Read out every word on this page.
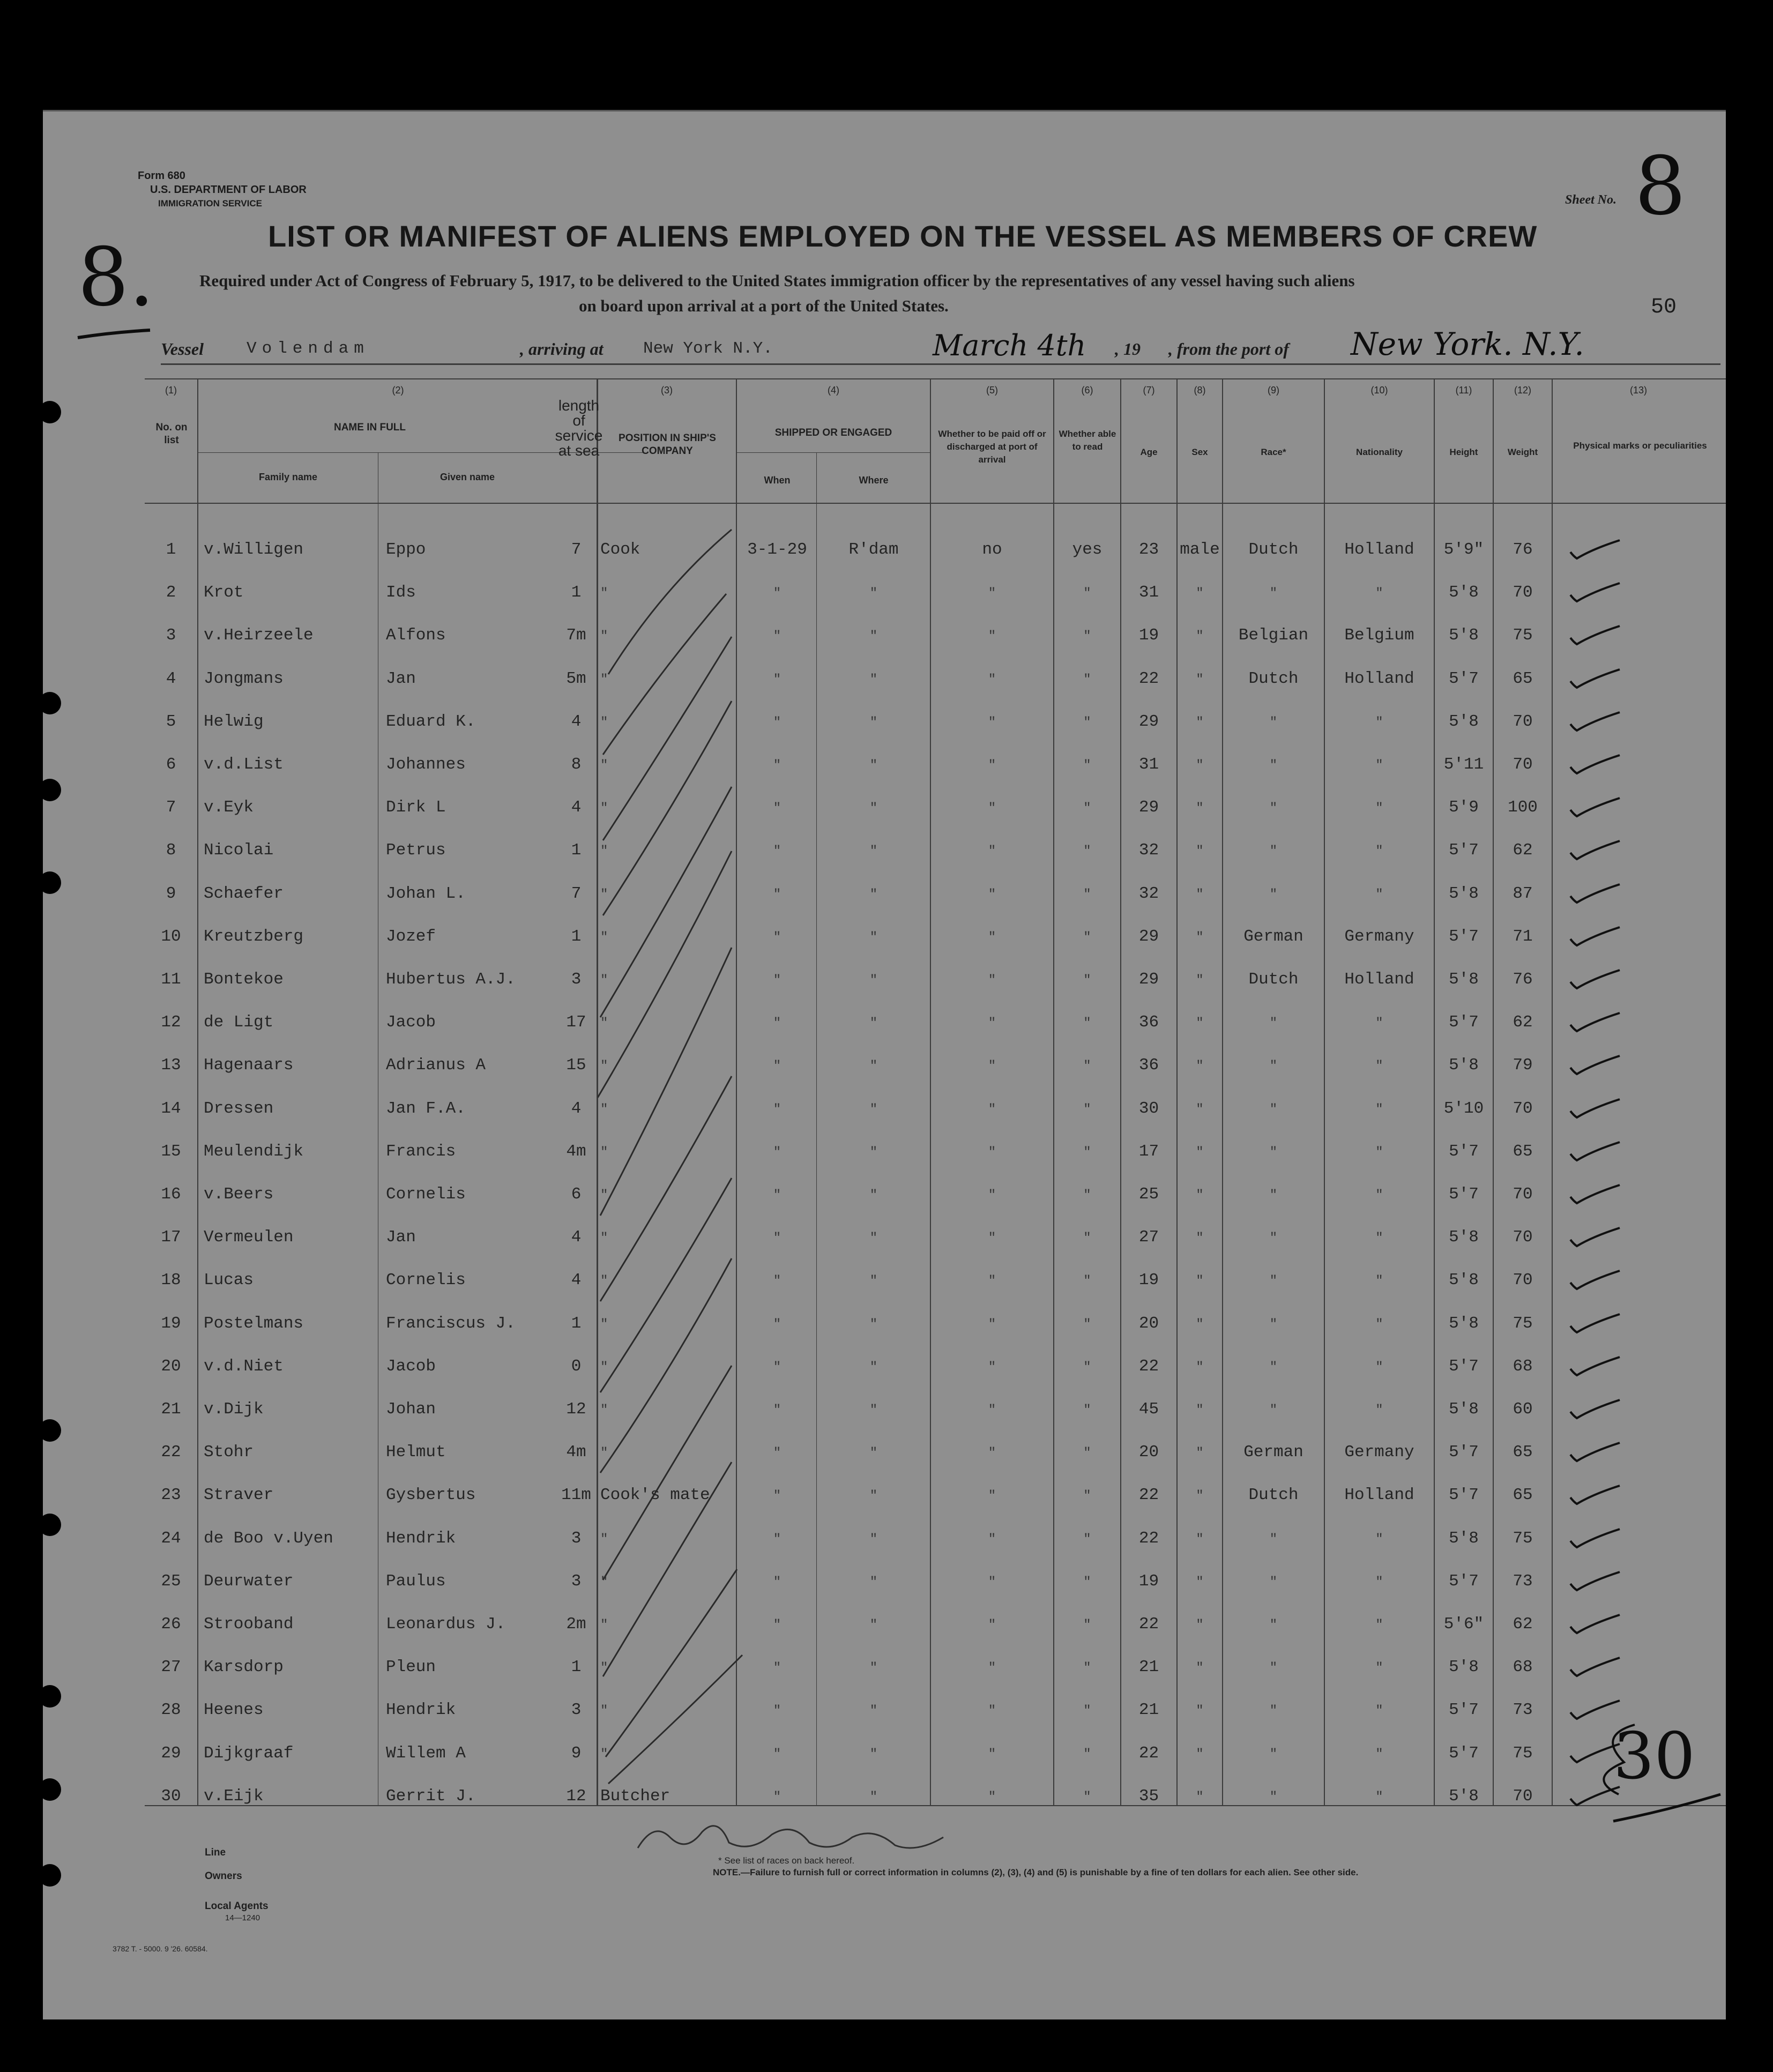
Form 680
U.S. DEPARTMENT OF LABOR
IMMIGRATION SERVICE
8.
Sheet No. 8
LIST OR MANIFEST OF ALIENS EMPLOYED ON THE VESSEL AS MEMBERS OF CREW
Required under Act of Congress of February 5, 1917, to be delivered to the United States immigration officer by the representatives of any vessel having such aliens
on board upon arrival at a port of the United States.	50
Vessel	Volendam	, arriving at New York N.Y.	March 4th , 19 , from the port of New York. N.Y.
(1)	(2)	(3)	(4)	(5)	(6)	(7)	(8)	(9)	(10)	(11)	(12)	(13)
No. on list
NAME IN FULL
Family name	Given name
length of service at sea
POSITION IN SHIP'S COMPANY
SHIPPED OR ENGAGED
When	Where
Whether to be paid off or discharged at port of arrival
Whether able to read
Age	Sex	Race*	Nationality	Height	Weight
Physical marks or peculiarities
1	v.Willigen	Eppo	7	Cook	3-1-29	R'dam	no	yes	23	male	Dutch	Holland	5'9"	76
2	Krot	Ids	1	"	"	"	"	"	31	"	"	"	5'8	70
3	v.Heirzeele	Alfons	7m	"	"	"	"	"	19	"	Belgian	Belgium	5'8	75
4	Jongmans	Jan	5m	"	"	"	"	"	22	"	Dutch	Holland	5'7	65
5	Helwig	Eduard K.	4	"	"	"	"	"	29	"	"	"	5'8	70
6	v.d.List	Johannes	8	"	"	"	"	"	31	"	"	"	5'11	70
7	v.Eyk	Dirk L	4	"	"	"	"	"	29	"	"	"	5'9	100
8	Nicolai	Petrus	1	"	"	"	"	"	32	"	"	"	5'7	62
9	Schaefer	Johan L.	7	"	"	"	"	"	32	"	"	"	5'8	87
10	Kreutzberg	Jozef	1	"	"	"	"	"	29	"	German	Germany	5'7	71
11	Bontekoe	Hubertus A.J.	3	"	"	"	"	"	29	"	Dutch	Holland	5'8	76
12	de Ligt	Jacob	17	"	"	"	"	"	36	"	"	"	5'7	62
13	Hagenaars	Adrianus A	15	"	"	"	"	"	36	"	"	"	5'8	79
14	Dressen	Jan F.A.	4	"	"	"	"	"	30	"	"	"	5'10	70
15	Meulendijk	Francis	4m	"	"	"	"	"	17	"	"	"	5'7	65
16	v.Beers	Cornelis	6	"	"	"	"	"	25	"	"	"	5'7	70
17	Vermeulen	Jan	4	"	"	"	"	"	27	"	"	"	5'8	70
18	Lucas	Cornelis	4	"	"	"	"	"	19	"	"	"	5'8	70
19	Postelmans	Franciscus J.	1	"	"	"	"	"	20	"	"	"	5'8	75
20	v.d.Niet	Jacob	0	"	"	"	"	"	22	"	"	"	5'7	68
21	v.Dijk	Johan	12	"	"	"	"	"	45	"	"	"	5'8	60
22	Stohr	Helmut	4m	"	"	"	"	"	20	"	German	Germany	5'7	65
23	Straver	Gysbertus	11m Cook's mate	"	"	"	"	22	"	Dutch	Holland	5'7	65
24	de Boo v.Uyen	Hendrik	3	"	"	"	"	"	22	"	"	"	5'8	75
25	Deurwater	Paulus	3	"	"	"	"	"	19	"	"	"	5'7	73
26	Strooband	Leonardus J.	2m	"	"	"	"	"	22	"	"	"	5'6"	62
27	Karsdorp	Pleun	1	"	"	"	"	"	21	"	"	"	5'8	68
28	Heenes	Hendrik	3	"	"	"	"	"	21	"	"	"	5'7	73
29	Dijkgraaf	Willem A	9	"	"	"	"	"	22	"	"	"	5'7	75
30	v.Eijk	Gerrit J.	12 Butcher	"	"	"	"	35	"	"	"	5'8	70
30
Line
Owners
Local Agents
14—1240
* See list of races on back hereof.
NOTE.—Failure to furnish full or correct information in columns (2), (3), (4) and (5) is punishable by a fine of ten dollars for each alien. See other side.
3782 T. - 5000. 9 '26. 60584.
